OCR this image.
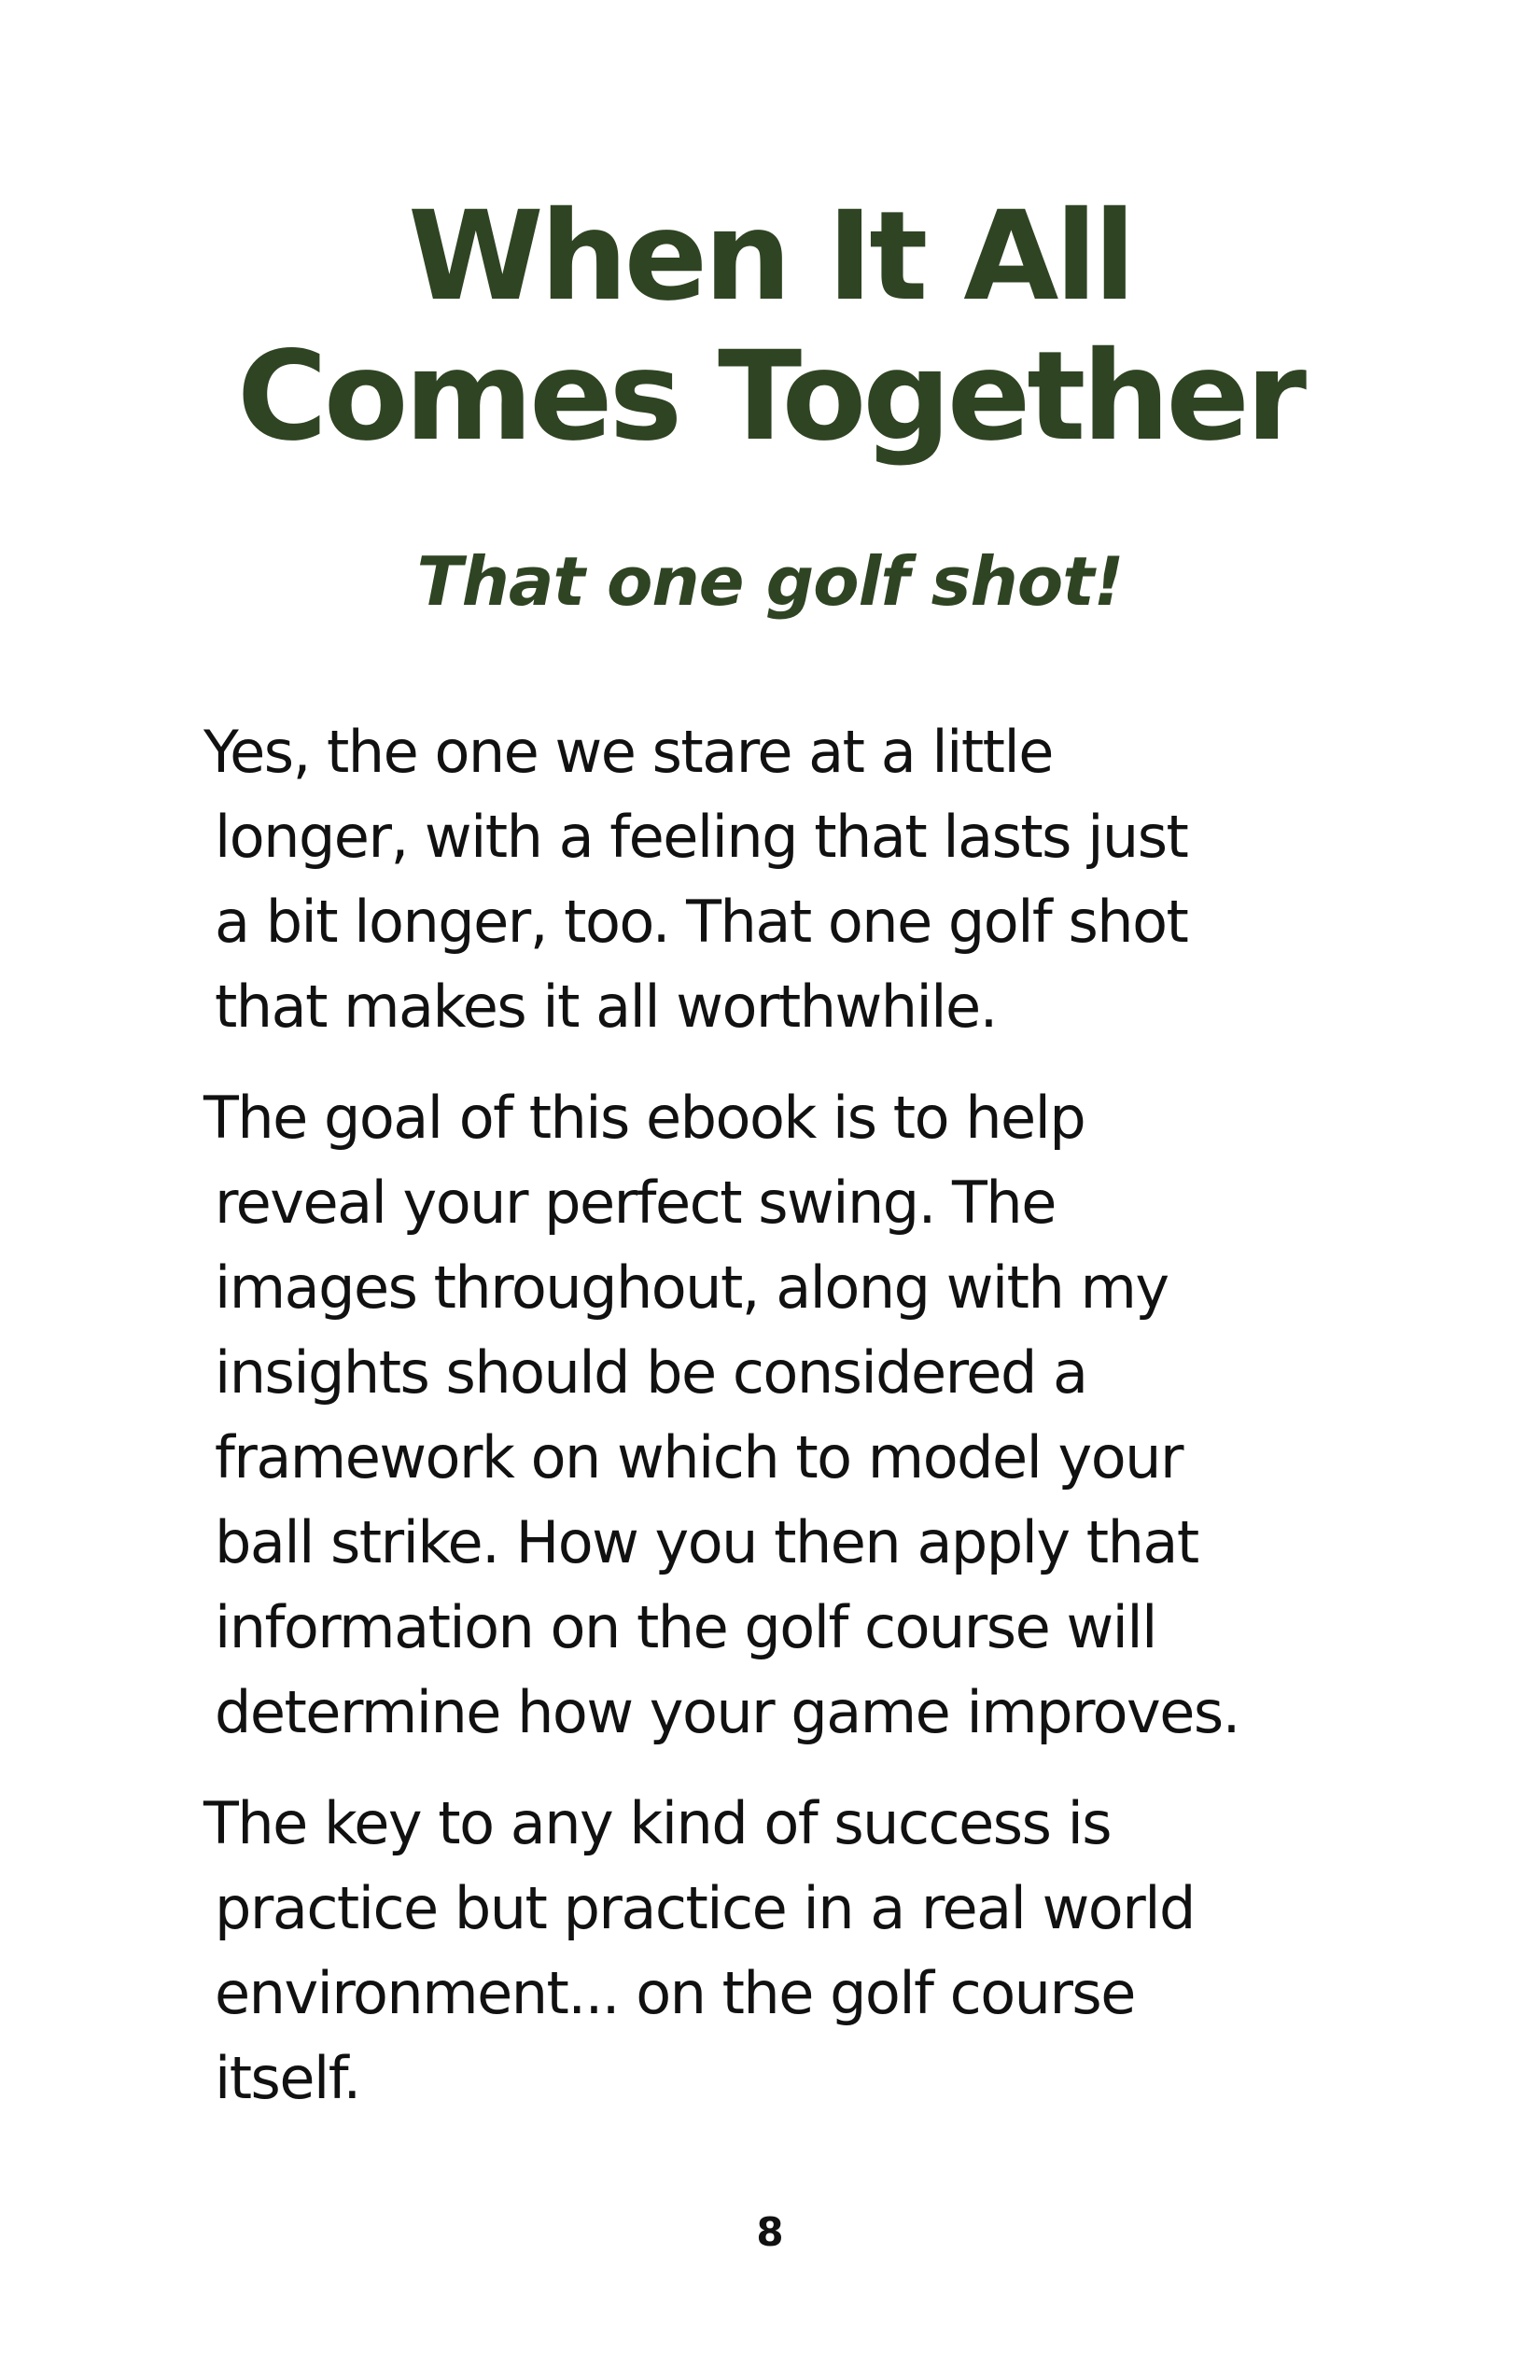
When It All
Comes Together
That one golf shot!

Yes, the one we stare at a little
longer, with a feeling that lasts just
a bit longer, too. That one golf shot
that makes it all worthwhile.

The goal of this ebook is to help
reveal your perfect swing. The
images throughout, along with my
insights should be considered a
framework on which to model your
ball strike. How you then apply that
information on the golf course will
determine how your game improves.

The key to any kind of success is
practice but practice in a real world
environment... on the golf course
itself.

8
